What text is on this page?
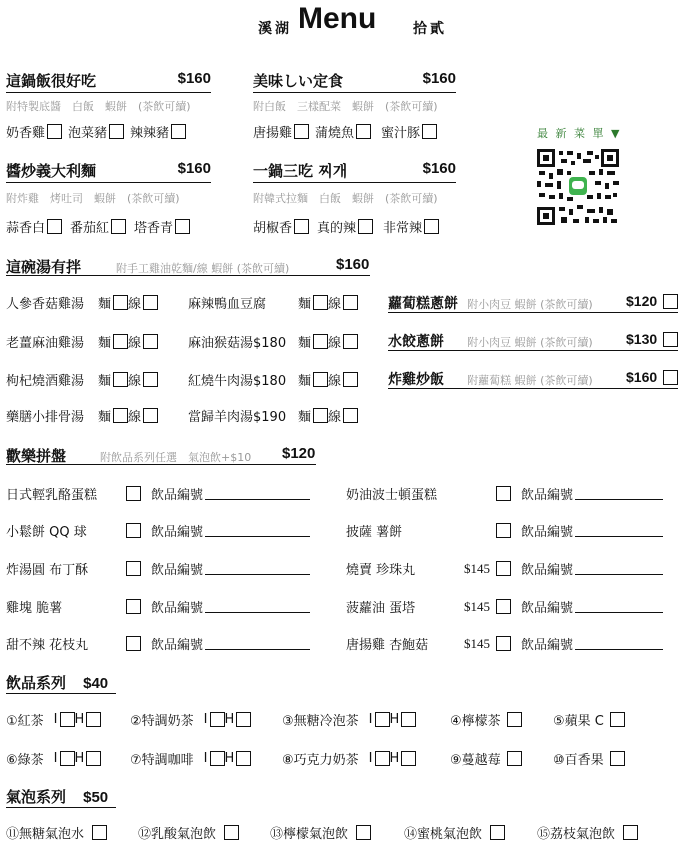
溪湖 Menu	拾貳
這鍋飯很好吃	$160
附特製底醬　白飯　蝦餅　(茶飲可續)
奶香雞 泡菜豬 辣辣豬
美味しい定食	$160
附白飯　三樣配菜　蝦餅　(茶飲可續)
唐揚雞 蒲燒魚 蜜汁豚
醬炒義大利麵	$160
附炸雞　烤吐司　蝦餅　(茶飲可續)
蒜香白 番茄紅 塔香青
一鍋三吃 찌개	$160
附韓式拉麵　白飯　蝦餅　(茶飲可續)
胡椒香 真的辣 非常辣
最 新 菜 單 ▼
這碗湯有拌	附手工雞油乾麵/線 蝦餅 (茶飲可續)	$160
人參香菇雞湯	麵 線	麻辣鴨血豆腐	麵 線
老薑麻油雞湯	麵 線	麻油猴菇湯$180 麵 線
枸杞燒酒雞湯	麵 線	紅燒牛肉湯$180 麵 線
藥膳小排骨湯	麵 線	當歸羊肉湯$190 麵 線
蘿蔔糕蔥餅 附小肉豆 蝦餅 (茶飲可續) $120
水餃蔥餅 附小肉豆 蝦餅 (茶飲可續) $130
炸雞炒飯 附蘿蔔糕 蝦餅 (茶飲可續) $160
歡樂拼盤	附飲品系列任選　氣泡飲+$10 $120
日式輕乳酪蛋糕	飲品編號
小鬆餅 QQ 球	飲品編號
炸湯圓 布丁酥	飲品編號
雞塊 脆薯	飲品編號
甜不辣 花枝丸	飲品編號
奶油波士頓蛋糕	飲品編號
披薩 薯餅	飲品編號
燒賣 珍珠丸	$145	飲品編號
菠蘿油 蛋塔	$145	飲品編號
唐揚雞 杏鮑菇	$145	飲品編號
飲品系列 $40
①紅茶 I H	②特調奶茶 I H	③無糖冷泡茶 I H	④檸檬茶	⑤蘋果 C
⑥綠茶 I H	⑦特調咖啡 I H	⑧巧克力奶茶 I H	⑨蔓越莓	⑩百香果
氣泡系列 $50
⑪無糖氣泡水	⑫乳酸氣泡飲	⑬檸檬氣泡飲	⑭蜜桃氣泡飲	⑮荔枝氣泡飲
